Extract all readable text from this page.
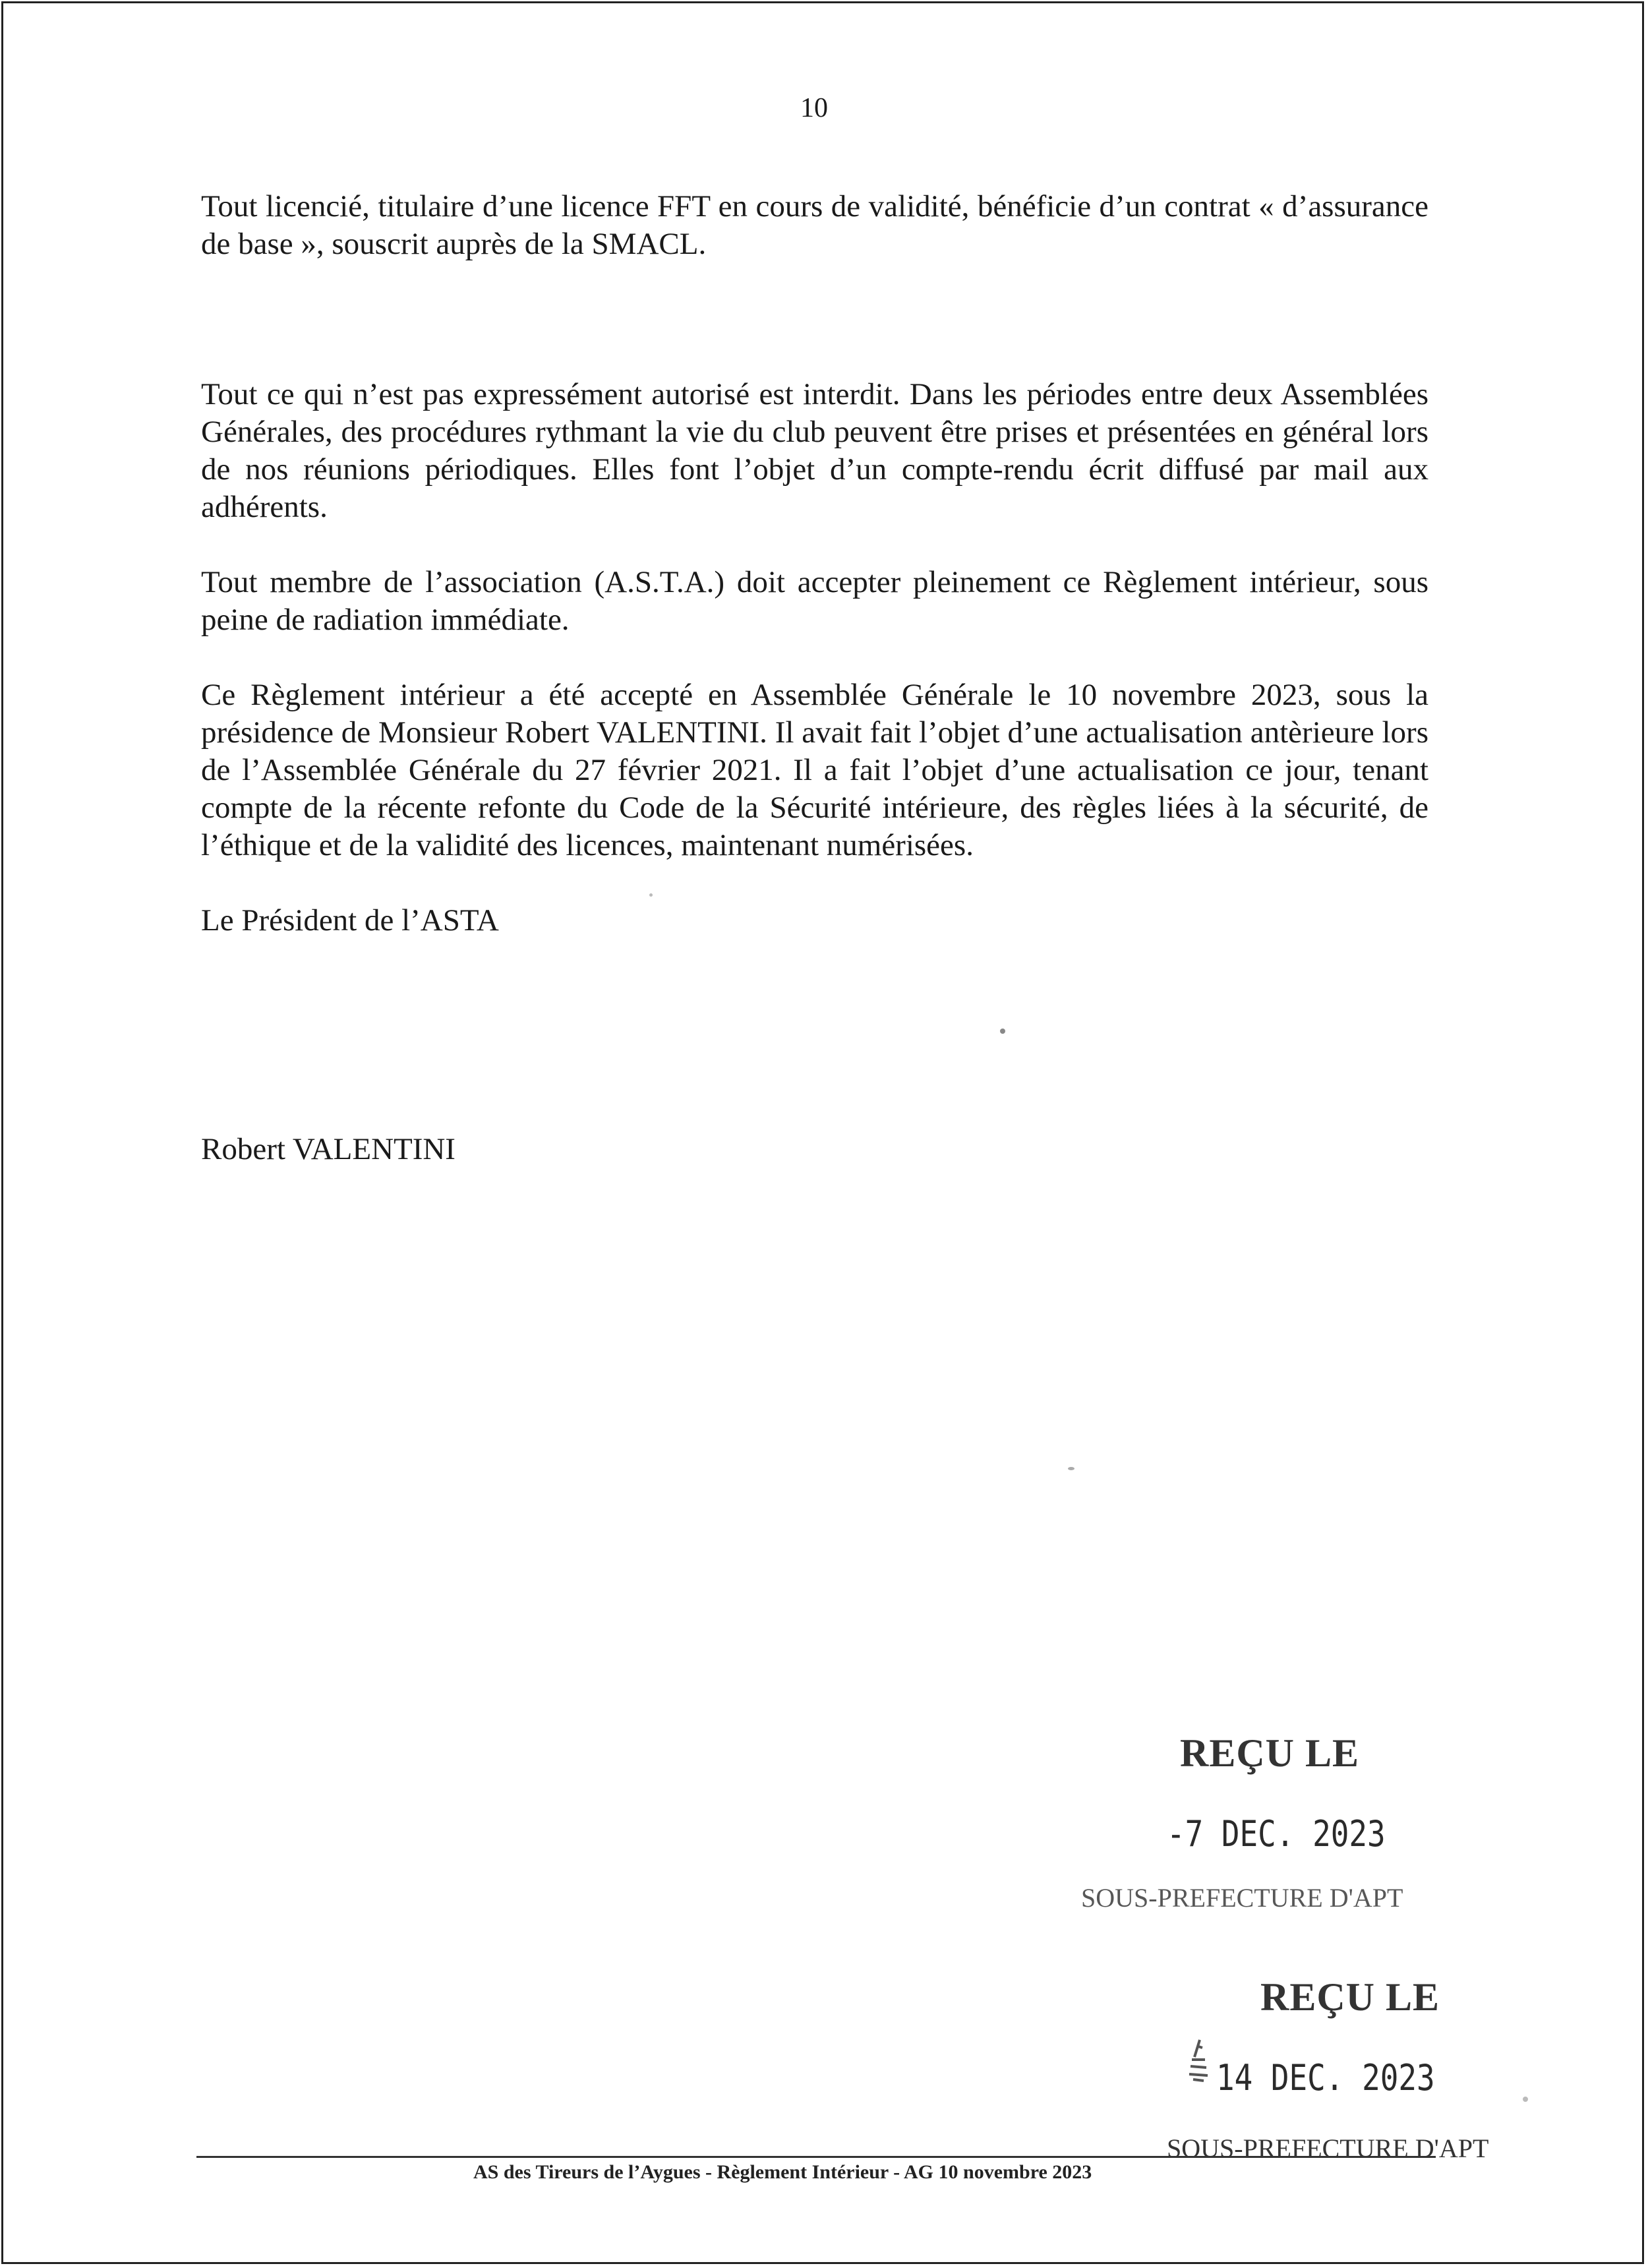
10

Tout licencié, titulaire d’une licence FFT en cours de validité, bénéficie d’un contrat « d’assurance de base », souscrit auprès de la SMACL.

Tout ce qui n’est pas expressément autorisé est interdit. Dans les périodes entre deux Assemblées Générales, des procédures rythmant la vie du club peuvent être prises et présentées en général lors de nos réunions périodiques. Elles font l’objet d’un compte-rendu écrit diffusé par mail aux adhérents.

Tout membre de l’association (A.S.T.A.) doit accepter pleinement ce Règlement intérieur, sous peine de radiation immédiate.

Ce Règlement intérieur a été accepté en Assemblée Générale le 10 novembre 2023, sous la présidence de Monsieur Robert VALENTINI. Il avait fait l’objet d’une actualisation antèrieure lors de l’Assemblée Générale du 27 février 2021. Il a fait l’objet d’une actualisation ce jour, tenant compte de la récente refonte du Code de la Sécurité intérieure, des règles liées à la sécurité, de l’éthique et de la validité des licences, maintenant numérisées.

Le Président de l’ASTA

Robert VALENTINI

REÇU LE
-7 DEC. 2023
SOUS-PREFECTURE D'APT
REÇU LE
14 DEC. 2023
SOUS-PREFECTURE D'APT
AS des Tireurs de l’Aygues - Règlement Intérieur - AG 10 novembre 2023
